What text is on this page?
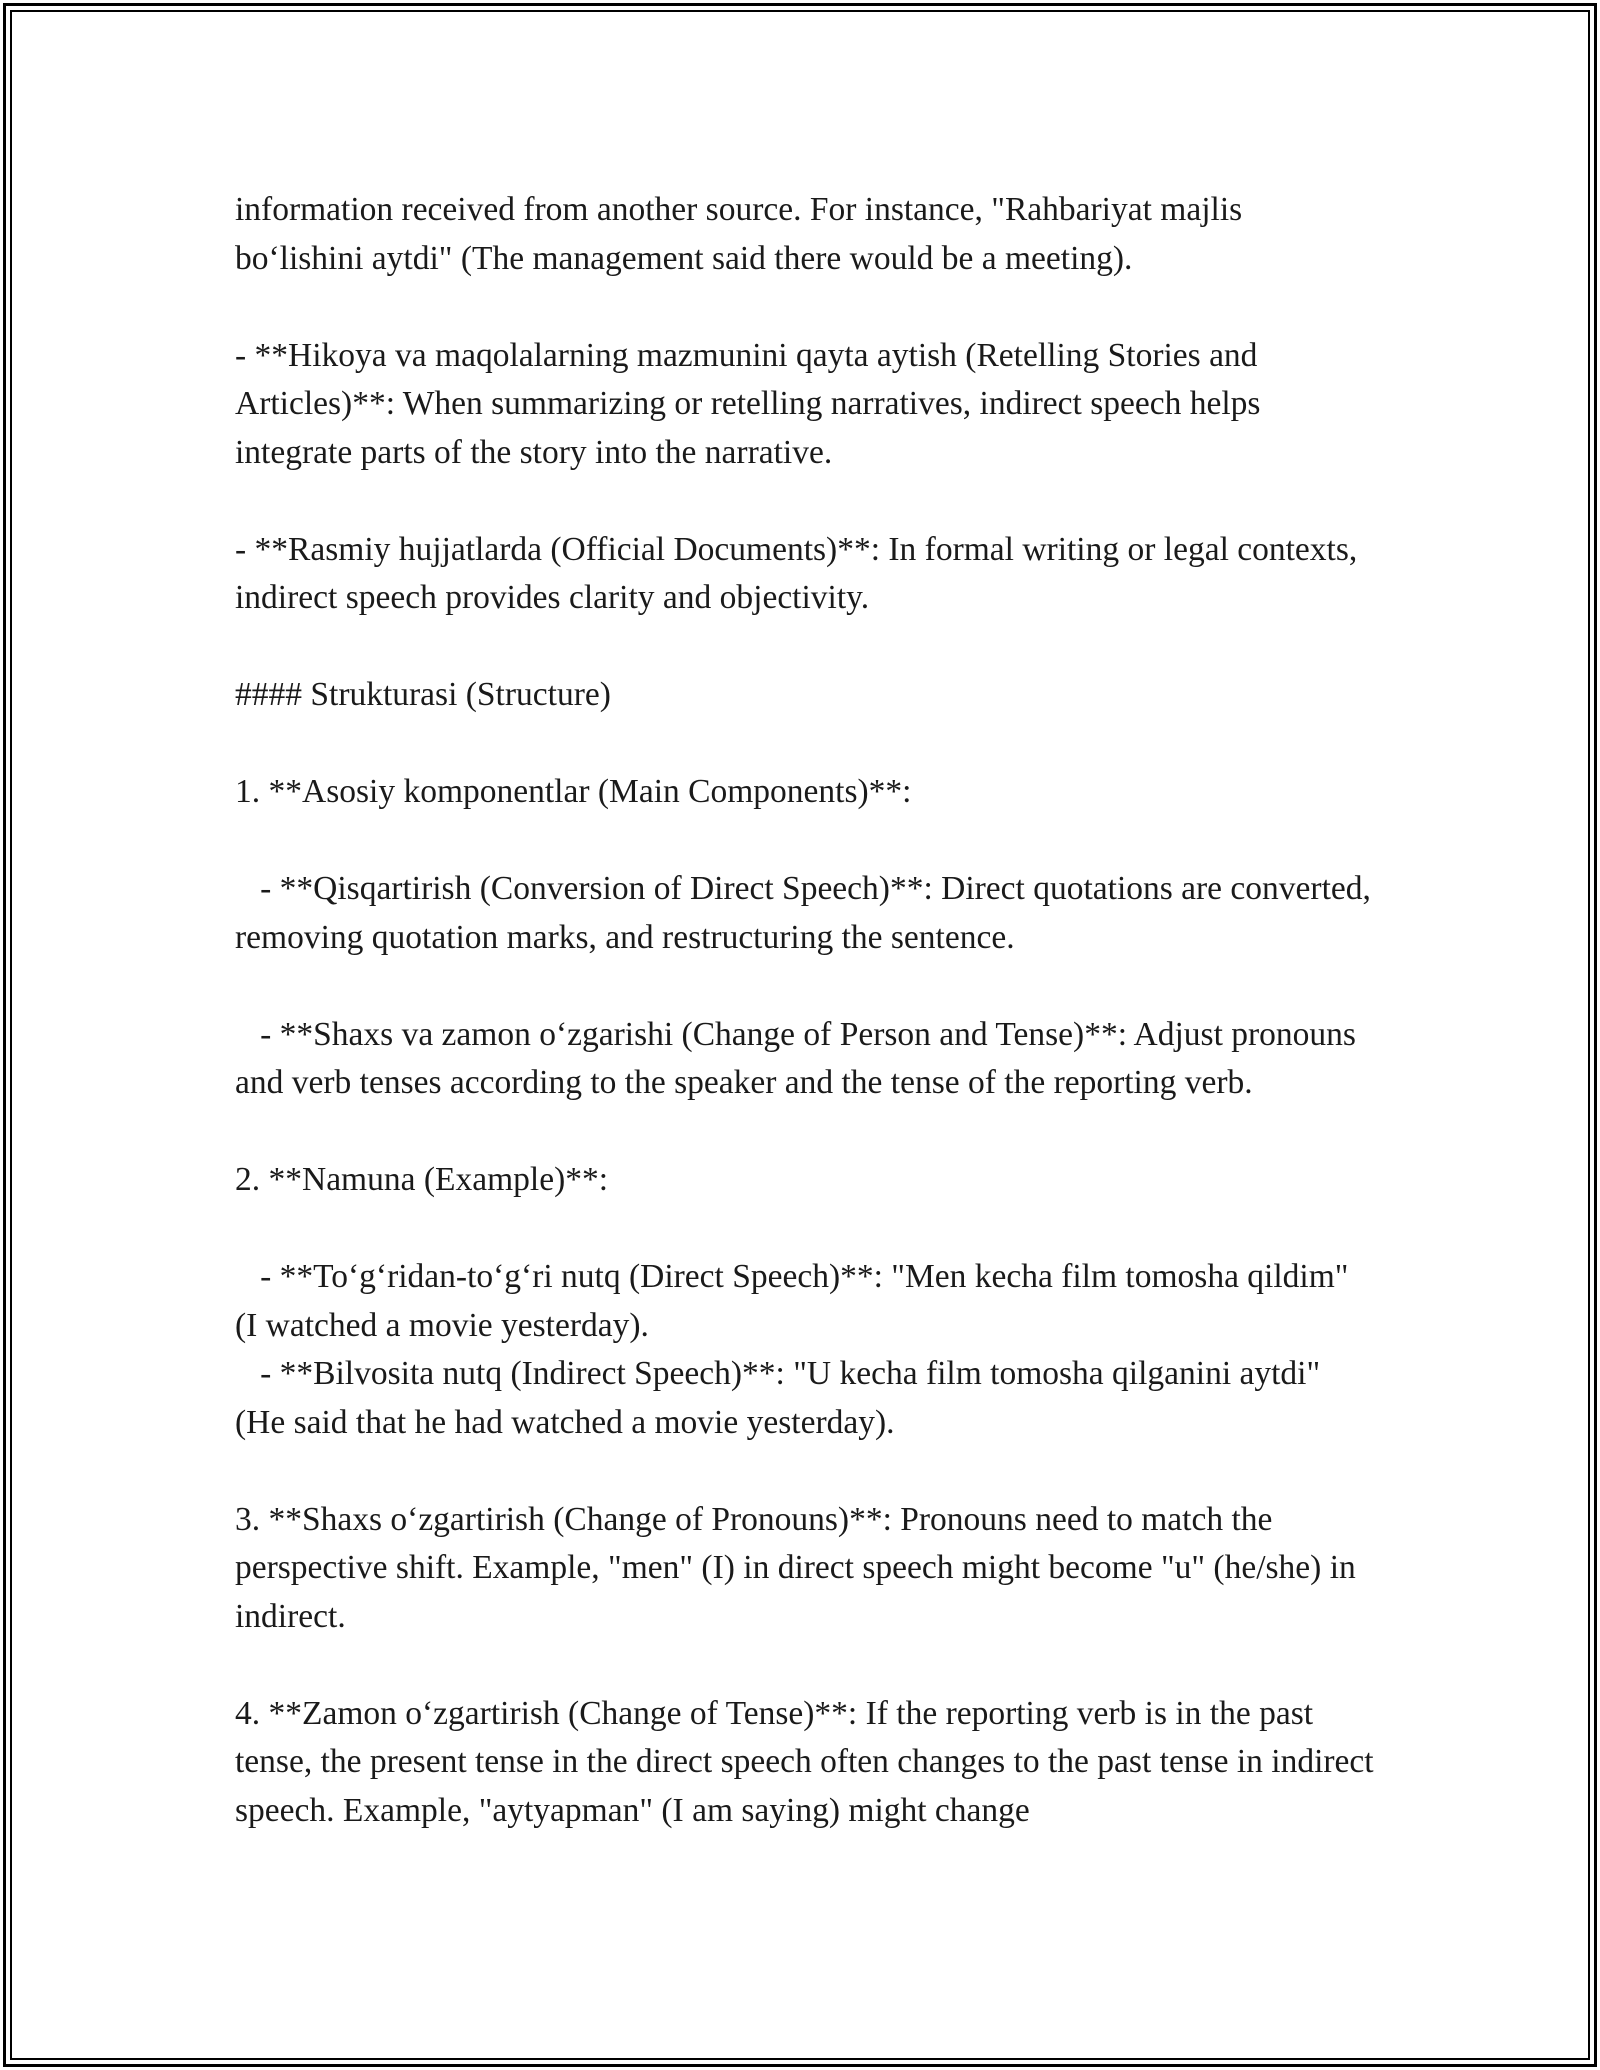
information received from another source. For instance, "Rahbariyat majlis bo‘lishini aytdi" (The management said there would be a meeting).

- **Hikoya va maqolalarning mazmunini qayta aytish (Retelling Stories and Articles)**: When summarizing or retelling narratives, indirect speech helps integrate parts of the story into the narrative.

- **Rasmiy hujjatlarda (Official Documents)**: In formal writing or legal contexts, indirect speech provides clarity and objectivity.

#### Strukturasi (Structure)

1. **Asosiy komponentlar (Main Components)**:

- **Qisqartirish (Conversion of Direct Speech)**: Direct quotations are converted, removing quotation marks, and restructuring the sentence.

- **Shaxs va zamon o‘zgarishi (Change of Person and Tense)**: Adjust pronouns and verb tenses according to the speaker and the tense of the reporting verb.

2. **Namuna (Example)**:

- **To‘g‘ridan-to‘g‘ri nutq (Direct Speech)**: "Men kecha film tomosha qildim" (I watched a movie yesterday).

- **Bilvosita nutq (Indirect Speech)**: "U kecha film tomosha qilganini aytdi" (He said that he had watched a movie yesterday).

3. **Shaxs o‘zgartirish (Change of Pronouns)**: Pronouns need to match the perspective shift. Example, "men" (I) in direct speech might become "u" (he/she) in indirect.

4. **Zamon o‘zgartirish (Change of Tense)**: If the reporting verb is in the past tense, the present tense in the direct speech often changes to the past tense in indirect speech. Example, "aytyapman" (I am saying) might change
